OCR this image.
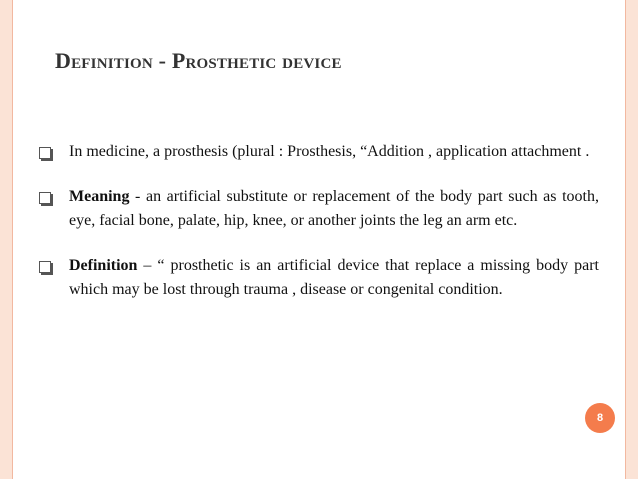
Definition - Prosthetic device
In medicine, a prosthesis (plural : Prosthesis, “Addition , application attachment .
Meaning - an artificial substitute or replacement of the body part such as tooth, eye, facial bone, palate, hip, knee, or another joints the leg an arm etc.
Definition – “ prosthetic is an artificial device that replace a missing body part which may be lost through trauma , disease or congenital condition.
8
